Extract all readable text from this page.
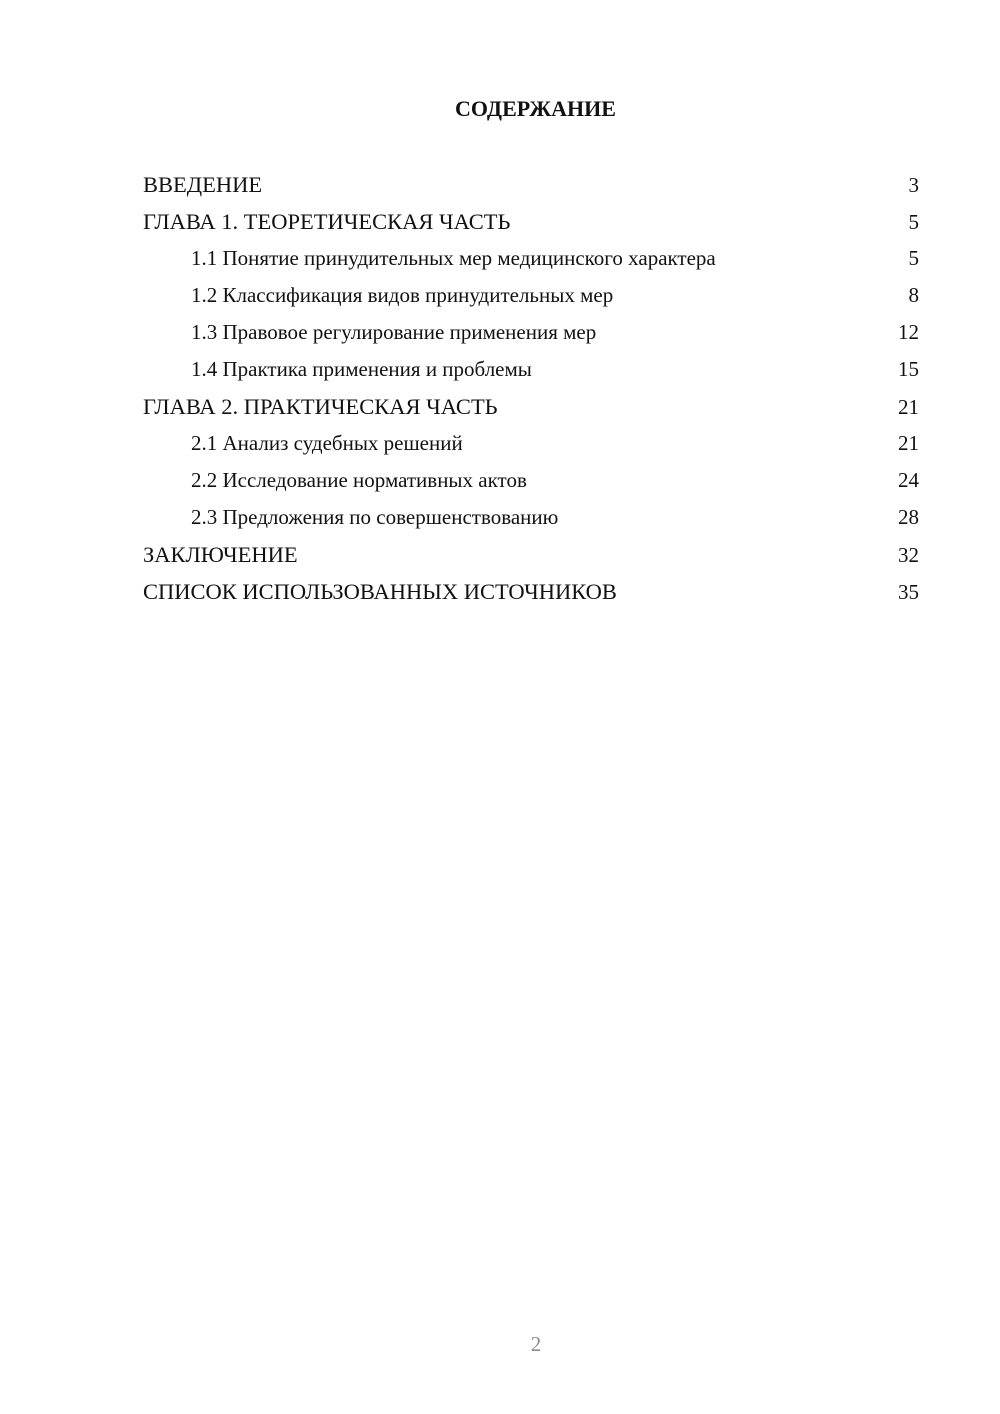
СОДЕРЖАНИЕ
ВВЕДЕНИЕ	3
ГЛАВА 1. ТЕОРЕТИЧЕСКАЯ ЧАСТЬ	5
1.1 Понятие принудительных мер медицинского характера	5
1.2 Классификация видов принудительных мер	8
1.3 Правовое регулирование применения мер	12
1.4 Практика применения и проблемы	15
ГЛАВА 2. ПРАКТИЧЕСКАЯ ЧАСТЬ	21
2.1 Анализ судебных решений	21
2.2 Исследование нормативных актов	24
2.3 Предложения по совершенствованию	28
ЗАКЛЮЧЕНИЕ	32
СПИСОК ИСПОЛЬЗОВАННЫХ ИСТОЧНИКОВ	35
2
